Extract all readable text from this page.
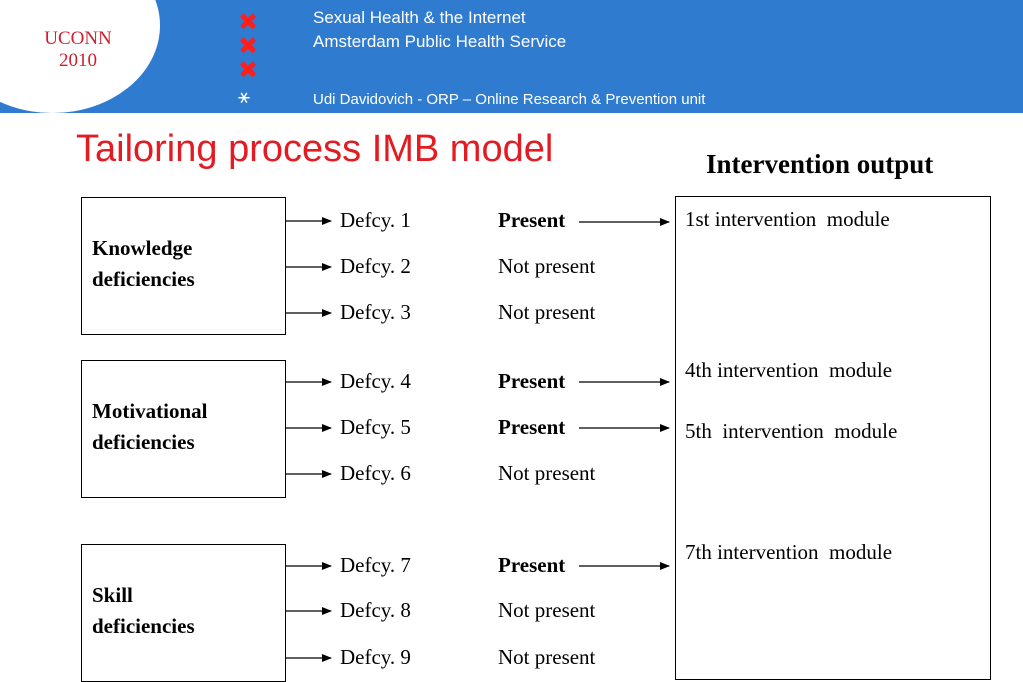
UCONN
2010
✖
✖
✖
⚹
Sexual Health & the Internet
Amsterdam Public Health Service
Udi Davidovich - ORP – Online Research & Prevention unit
Tailoring process IMB model	Intervention output
Knowledge
deficiencies
Motivational
deficiencies
Skill
deficiencies
1st intervention  module
4th intervention  module
5th  intervention  module
7th intervention  module
Defcy. 1
Defcy. 2
Defcy. 3
Defcy. 4
Defcy. 5
Defcy. 6
Defcy. 7
Defcy. 8
Defcy. 9
Present
Not present
Not present
Present
Present
Not present
Present
Not present
Not present
